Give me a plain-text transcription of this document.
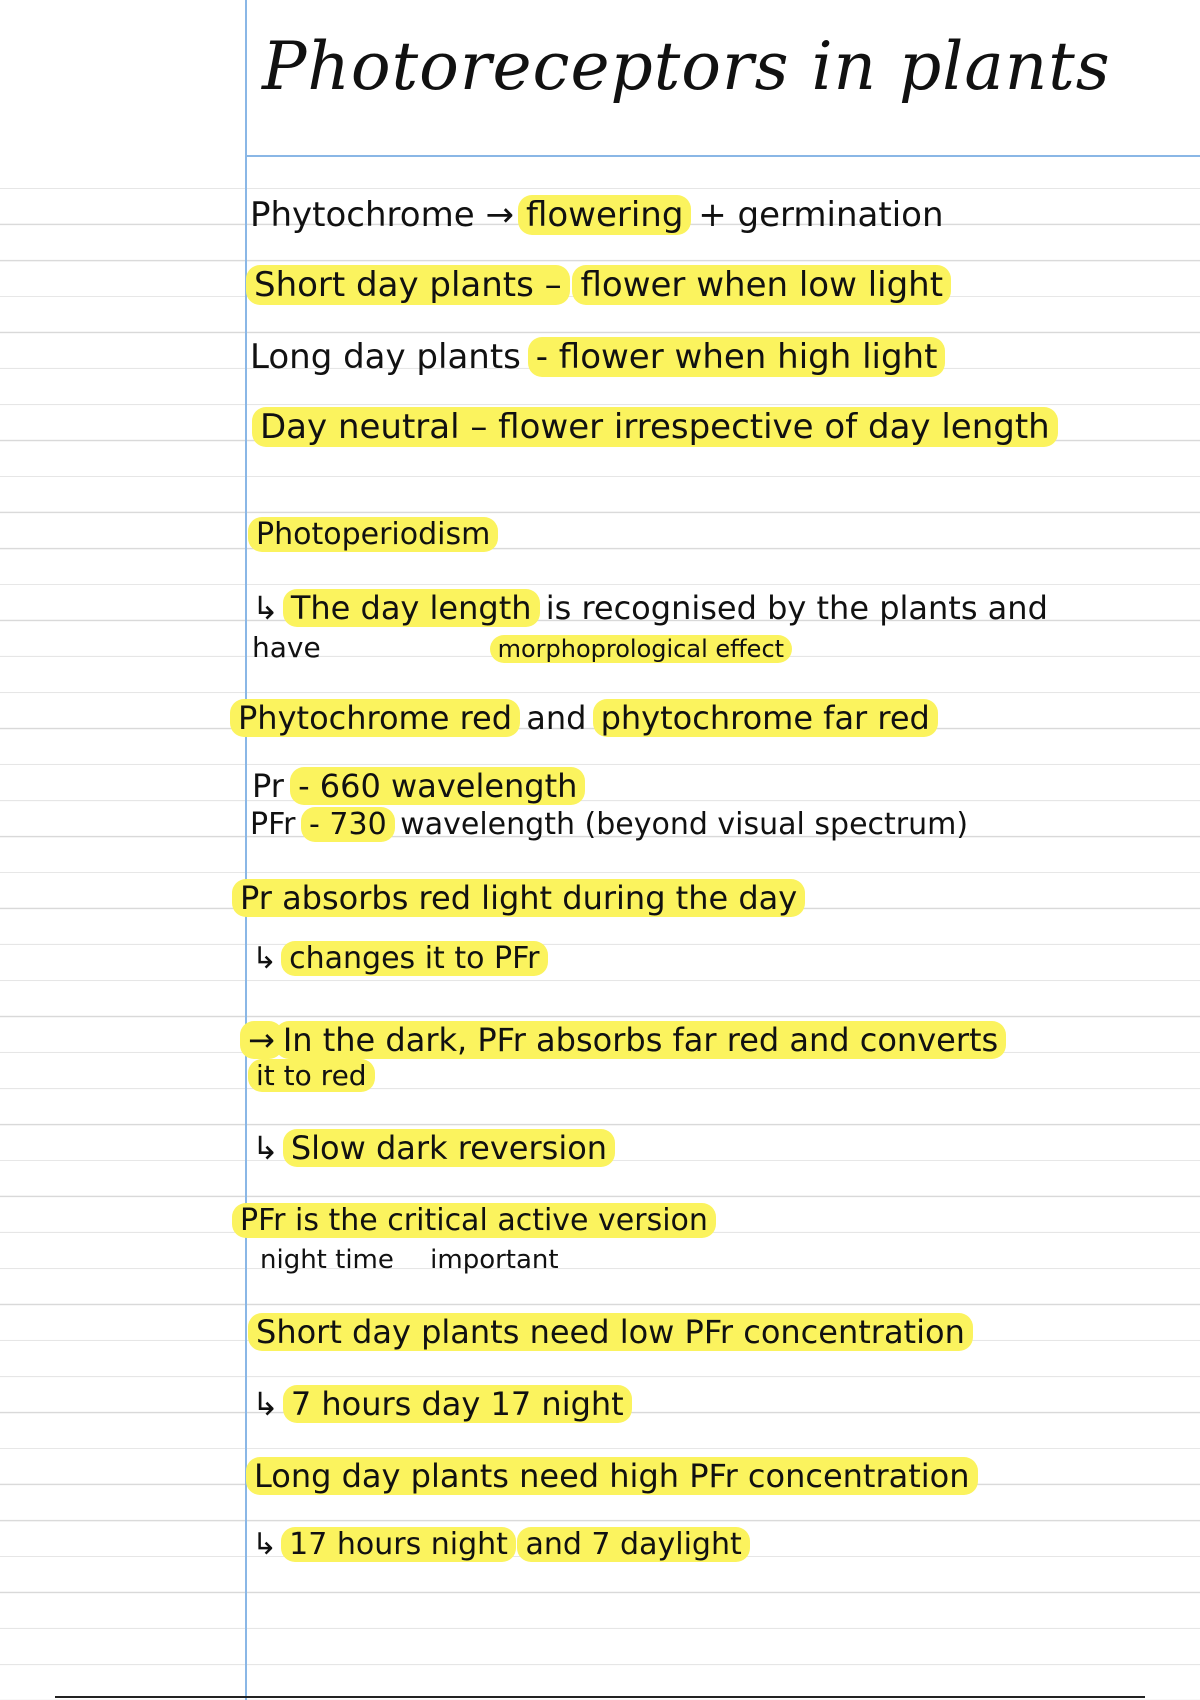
Photoreceptors in plants
Phytochrome → flowering + germination
Short day plants – flower when low light
Long day plants - flower when high light
Day neutral – flower irrespective of day length
Photoperiodism
↳ The day length is recognised by the plants and
have	morphoprological effect
Phytochrome red and phytochrome far red
Pr - 660 wavelength
PFr - 730 wavelength (beyond visual spectrum)
Pr absorbs red light during the day
↳ changes it to PFr
→ In the dark, PFr absorbs far red and converts
it to red
↳ Slow dark reversion
PFr is the critical active version
night time important
Short day plants need low PFr concentration
↳ 7 hours day 17 night
Long day plants need high PFr concentration
↳ 17 hours night and 7 daylight
